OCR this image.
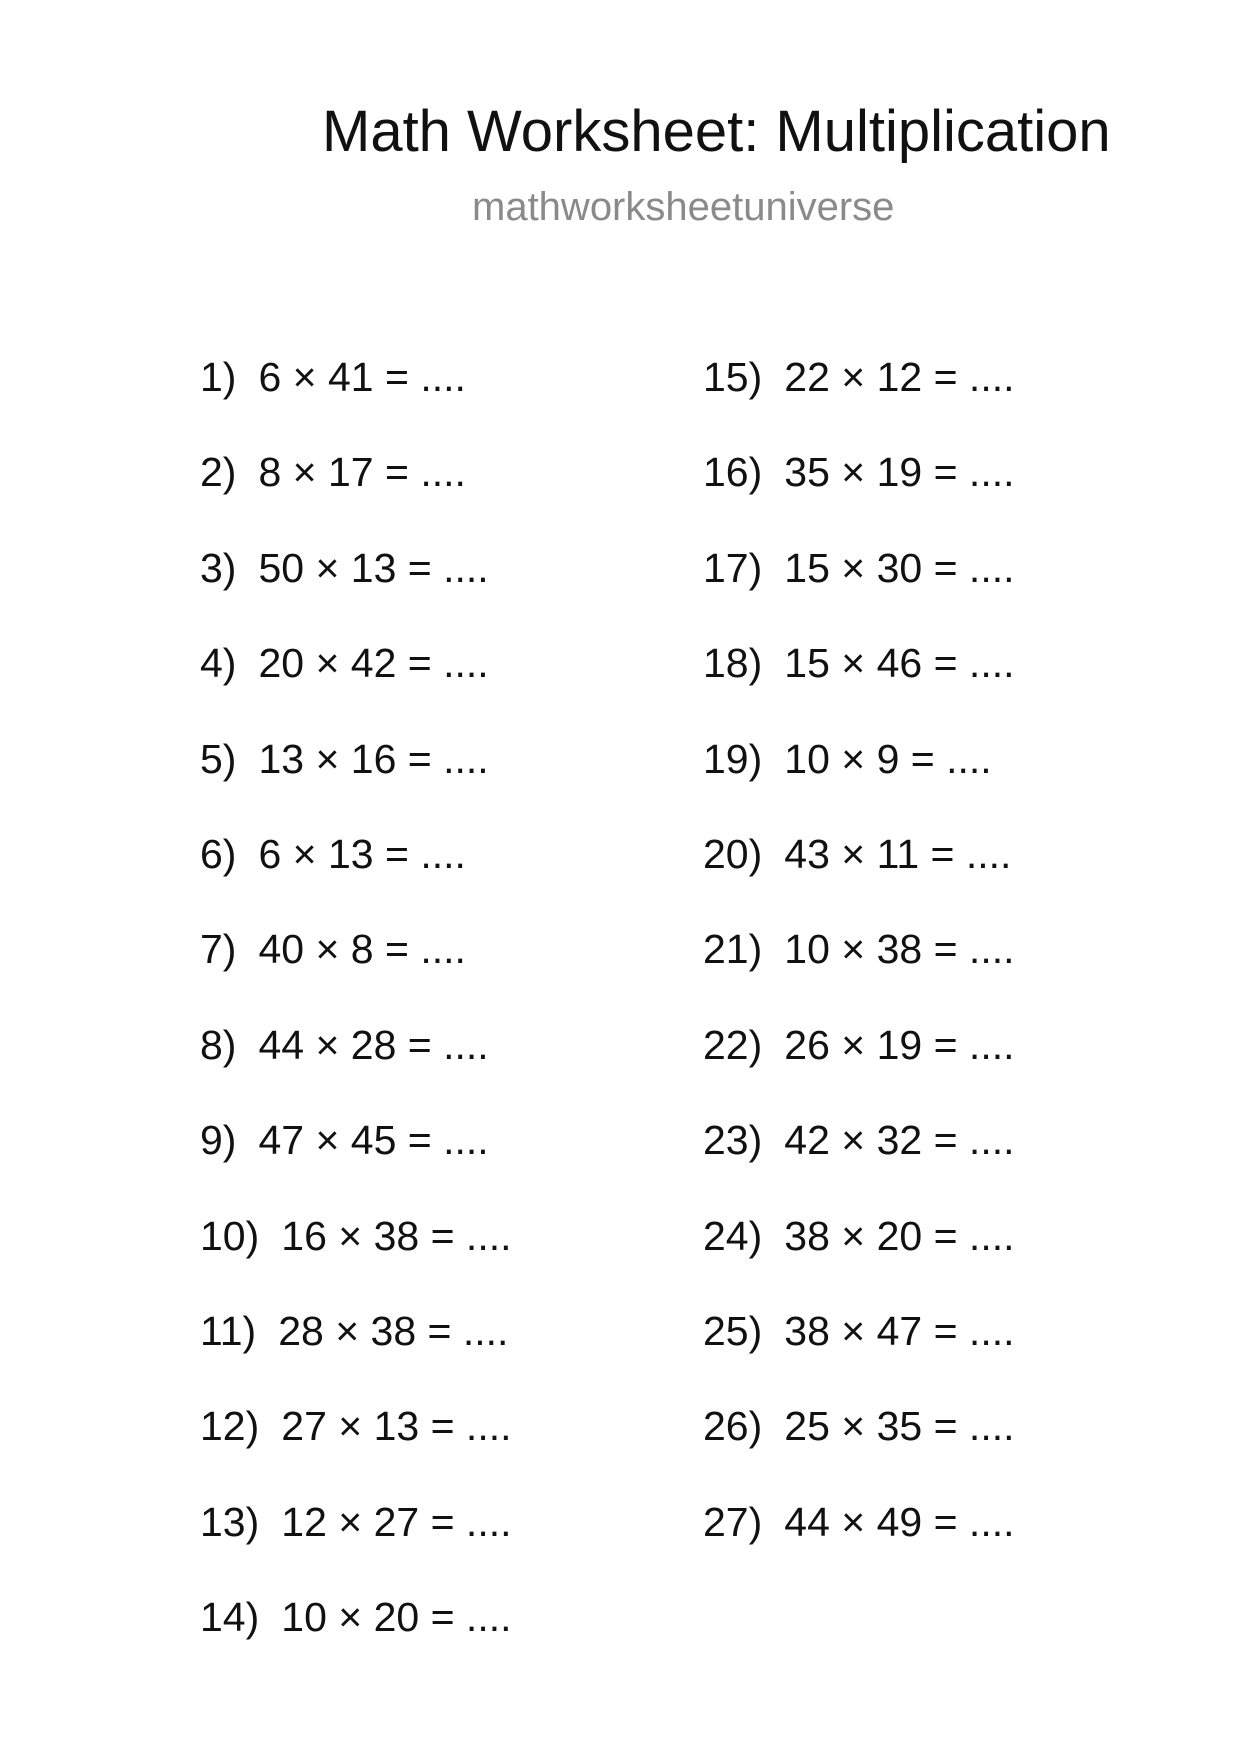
Math Worksheet: Multiplication
mathworksheetuniverse
1) 6 × 41 = ....
2) 8 × 17 = ....
3) 50 × 13 = ....
4) 20 × 42 = ....
5) 13 × 16 = ....
6) 6 × 13 = ....
7) 40 × 8 = ....
8) 44 × 28 = ....
9) 47 × 45 = ....
10) 16 × 38 = ....
11) 28 × 38 = ....
12) 27 × 13 = ....
13) 12 × 27 = ....
14) 10 × 20 = ....
15) 22 × 12 = ....
16) 35 × 19 = ....
17) 15 × 30 = ....
18) 15 × 46 = ....
19) 10 × 9 = ....
20) 43 × 11 = ....
21) 10 × 38 = ....
22) 26 × 19 = ....
23) 42 × 32 = ....
24) 38 × 20 = ....
25) 38 × 47 = ....
26) 25 × 35 = ....
27) 44 × 49 = ....
